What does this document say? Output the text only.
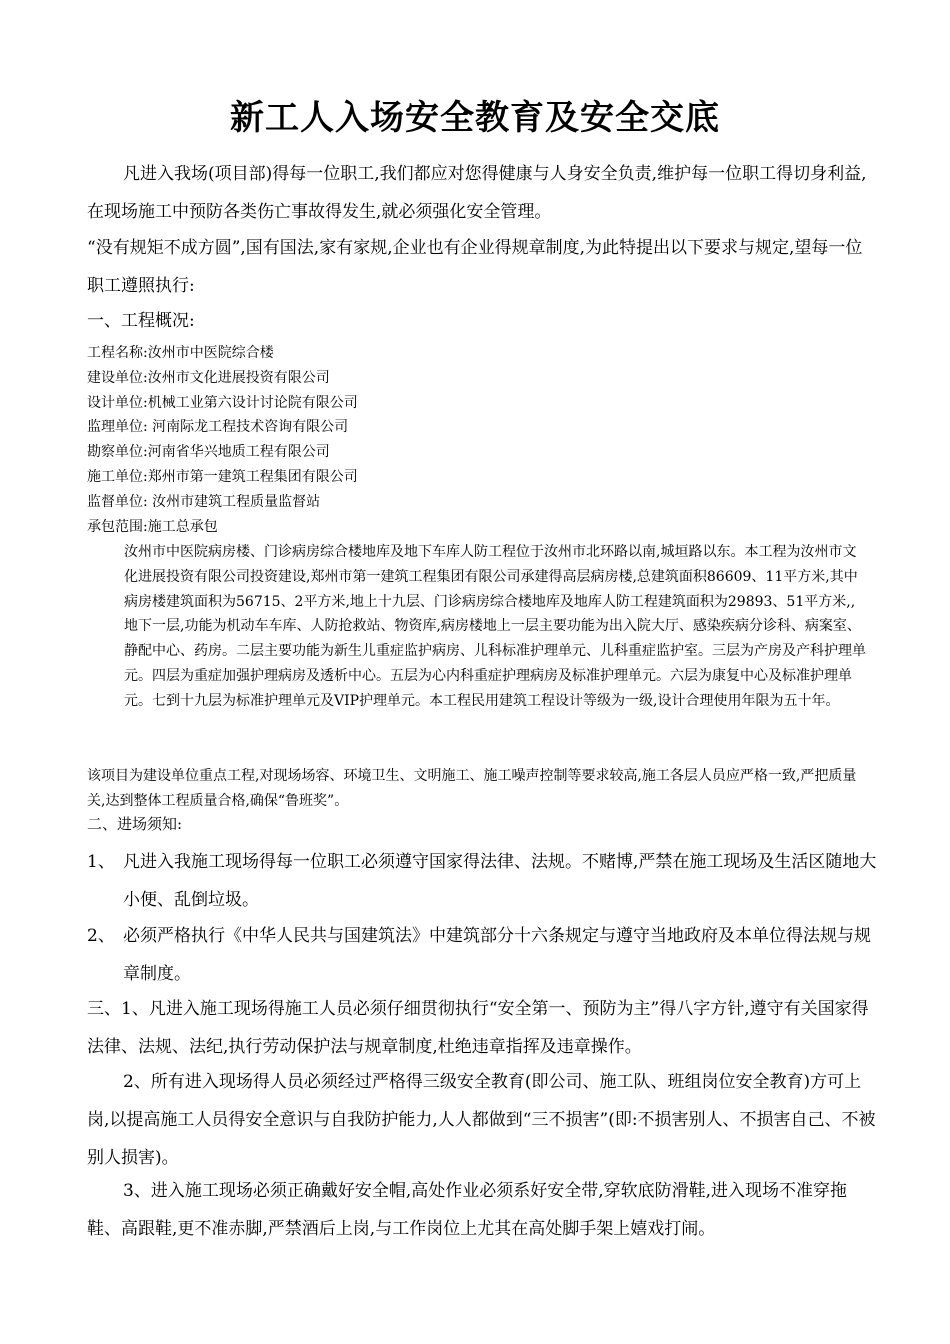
新工人入场安全教育及安全交底

凡进入我场(项目部)得每一位职工,我们都应对您得健康与人身安全负责,维护每一位职工得切身利益,在现场施工中预防各类伤亡事故得发生,就必须强化安全管理。

“没有规矩不成方圆”,国有国法,家有家规,企业也有企业得规章制度,为此特提出以下要求与规定,望每一位职工遵照执行:

一、工程概况:

工程名称:汝州市中医院综合楼
建设单位:汝州市文化进展投资有限公司
设计单位:机械工业第六设计讨论院有限公司
监理单位: 河南际龙工程技术咨询有限公司
勘察单位:河南省华兴地质工程有限公司
施工单位:郑州市第一建筑工程集团有限公司
监督单位: 汝州市建筑工程质量监督站
承包范围:施工总承包

汝州市中医院病房楼、门诊病房综合楼地库及地下车库人防工程位于汝州市北环路以南,城垣路以东。本工程为汝州市文化进展投资有限公司投资建设,郑州市第一建筑工程集团有限公司承建得高层病房楼,总建筑面积86609、11平方米,其中病房楼建筑面积为56715、2平方米,地上十九层、门诊病房综合楼地库及地库人防工程建筑面积为29893、51平方米,,地下一层,功能为机动车车库、人防抢救站、物资库,病房楼地上一层主要功能为出入院大厅、感染疾病分诊科、病案室、静配中心、药房。二层主要功能为新生儿重症监护病房、儿科标准护理单元、儿科重症监护室。三层为产房及产科护理单元。四层为重症加强护理病房及透析中心。五层为心内科重症护理病房及标准护理单元。六层为康复中心及标准护理单元。七到十九层为标准护理单元及VIP护理单元。本工程民用建筑工程设计等级为一级,设计合理使用年限为五十年。

该项目为建设单位重点工程,对现场场容、环境卫生、文明施工、施工噪声控制等要求较高,施工各层人员应严格一致,严把质量关,达到整体工程质量合格,确保“鲁班奖”。

二、进场须知:

1、 凡进入我施工现场得每一位职工必须遵守国家得法律、法规。不赌博,严禁在施工现场及生活区随地大小便、乱倒垃圾。
2、 必须严格执行《中华人民共与国建筑法》中建筑部分十六条规定与遵守当地政府及本单位得法规与规章制度。

三、1、凡进入施工现场得施工人员必须仔细贯彻执行“安全第一、预防为主”得八字方针,遵守有关国家得法律、法规、法纪,执行劳动保护法与规章制度,杜绝违章指挥及违章操作。

2、所有进入现场得人员必须经过严格得三级安全教育(即公司、施工队、班组岗位安全教育)方可上岗,以提高施工人员得安全意识与自我防护能力,人人都做到“三不损害”(即:不损害别人、不损害自己、不被别人损害)。

3、进入施工现场必须正确戴好安全帽,高处作业必须系好安全带,穿软底防滑鞋,进入现场不准穿拖鞋、高跟鞋,更不准赤脚,严禁酒后上岗,与工作岗位上尤其在高处脚手架上嬉戏打闹。
